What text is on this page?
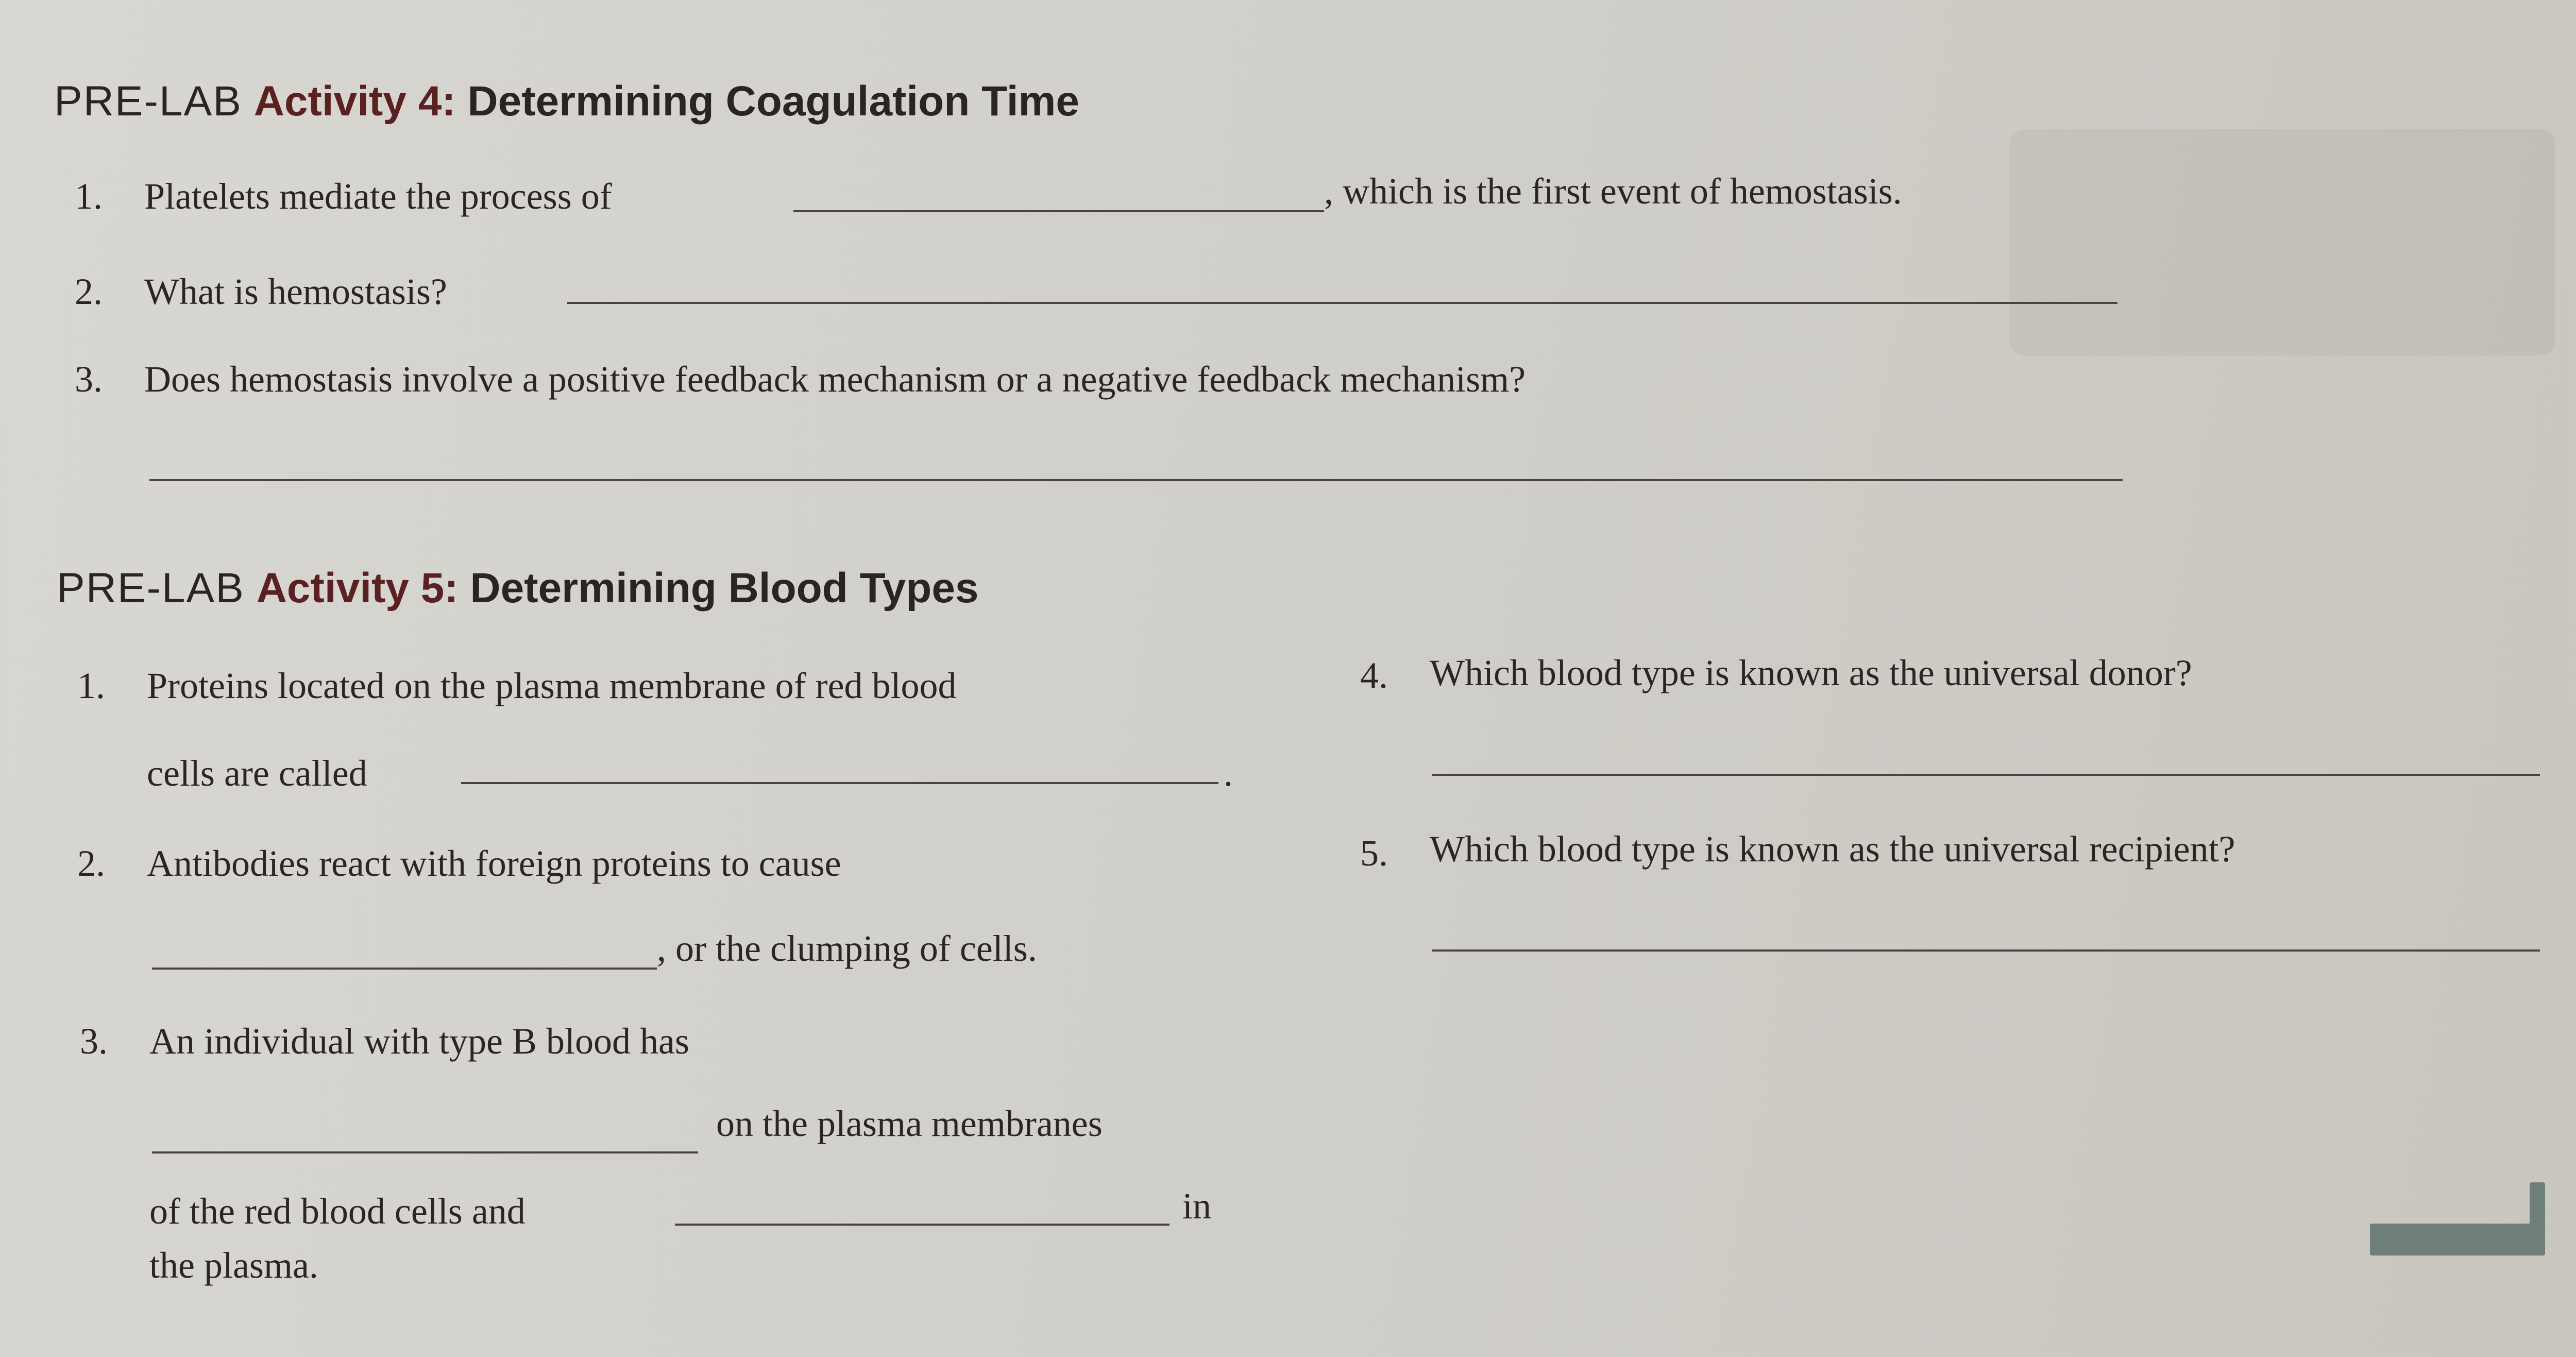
PRE-LAB Activity 4: Determining Coagulation Time
1. Platelets mediate the process of	, which is the first event of hemostasis.
2. What is hemostasis?
3. Does hemostasis involve a positive feedback mechanism or a negative feedback mechanism?
PRE-LAB Activity 5: Determining Blood Types
1. Proteins located on the plasma membrane of red blood
cells are called	.
2. Antibodies react with foreign proteins to cause
, or the clumping of cells.
3. An individual with type B blood has
on the plasma membranes
of the red blood cells and	in
the plasma.
4. Which blood type is known as the universal donor?
5. Which blood type is known as the universal recipient?
